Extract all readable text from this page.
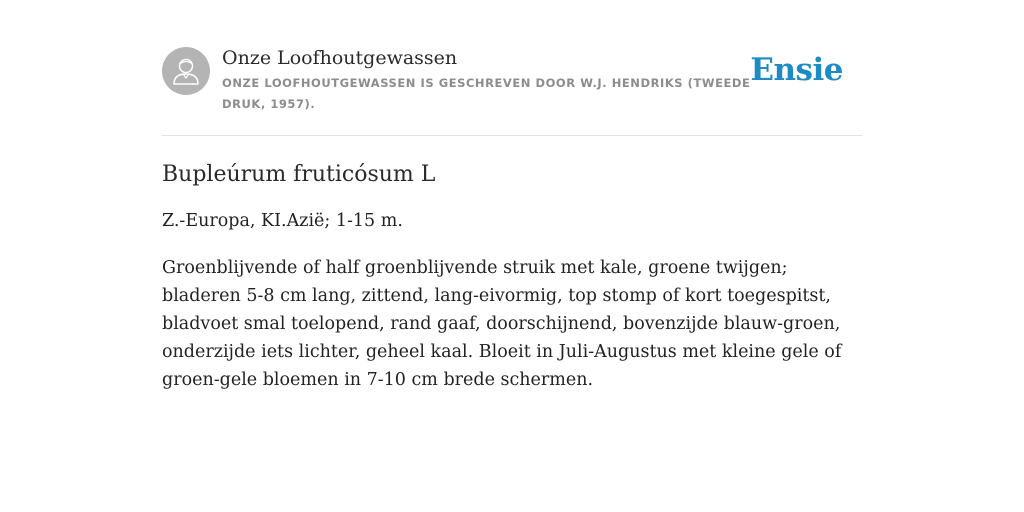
Onze Loofhoutgewassen
ONZE LOOFHOUTGEWASSEN IS GESCHREVEN DOOR W.J. HENDRIKS (TWEEDE DRUK, 1957).
Ensie
Bupleúrum fruticósum L

Z.-Europa, KI.Azië; 1-15 m.

Groenblijvende of half groenblijvende struik met kale, groene twijgen; bladeren 5-8 cm lang, zittend, lang-eivormig, top stomp of kort toegespitst, bladvoet smal toelopend, rand gaaf, doorschijnend, bovenzijde blauw-groen, onderzijde iets lichter, geheel kaal. Bloeit in Juli-Augustus met kleine gele of groen-gele bloemen in 7-10 cm brede schermen.
